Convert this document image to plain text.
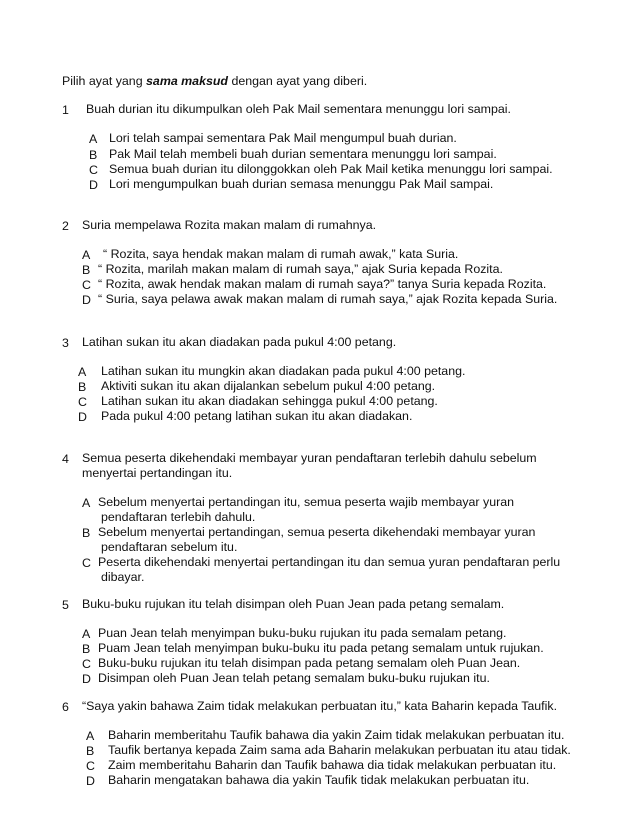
Pilih ayat yang sama maksud dengan ayat yang diberi.
1 Buah durian itu dikumpulkan oleh Pak Mail sementara menunggu lori sampai.
A Lori telah sampai sementara Pak Mail mengumpul buah durian.
B Pak Mail telah membeli buah durian sementara menunggu lori sampai.
C Semua buah durian itu dilonggokkan oleh Pak Mail ketika menunggu lori sampai.
D Lori mengumpulkan buah durian semasa menunggu Pak Mail sampai.
2 Suria mempelawa Rozita makan malam di rumahnya.
A “ Rozita, saya hendak makan malam di rumah awak,” kata Suria.
B “ Rozita, marilah makan malam di rumah saya,” ajak Suria kepada Rozita.
C “ Rozita, awak hendak makan malam di rumah saya?” tanya Suria kepada Rozita.
D “ Suria, saya pelawa awak makan malam di rumah saya,” ajak Rozita kepada Suria.
3 Latihan sukan itu akan diadakan pada pukul 4:00 petang.
A Latihan sukan itu mungkin akan diadakan pada pukul 4:00 petang.
B Aktiviti sukan itu akan dijalankan sebelum pukul 4:00 petang.
C Latihan sukan itu akan diadakan sehingga pukul 4:00 petang.
D Pada pukul 4:00 petang latihan sukan itu akan diadakan.
4 Semua peserta dikehendaki membayar yuran pendaftaran terlebih dahulu sebelum
menyertai pertandingan itu.
A Sebelum menyertai pertandingan itu, semua peserta wajib membayar yuran
pendaftaran terlebih dahulu.
B Sebelum menyertai pertandingan, semua peserta dikehendaki membayar yuran
pendaftaran sebelum itu.
C Peserta dikehendaki menyertai pertandingan itu dan semua yuran pendaftaran perlu
dibayar.
5 Buku-buku rujukan itu telah disimpan oleh Puan Jean pada petang semalam.
A Puan Jean telah menyimpan buku-buku rujukan itu pada semalam petang.
B Puam Jean telah menyimpan buku-buku itu pada petang semalam untuk rujukan.
C Buku-buku rujukan itu telah disimpan pada petang semalam oleh Puan Jean.
D Disimpan oleh Puan Jean telah petang semalam buku-buku rujukan itu.
6 “Saya yakin bahawa Zaim tidak melakukan perbuatan itu,” kata Baharin kepada Taufik.
A Baharin memberitahu Taufik bahawa dia yakin Zaim tidak melakukan perbuatan itu.
B Taufik bertanya kepada Zaim sama ada Baharin melakukan perbuatan itu atau tidak.
C Zaim memberitahu Baharin dan Taufik bahawa dia tidak melakukan perbuatan itu.
D Baharin mengatakan bahawa dia yakin Taufik tidak melakukan perbuatan itu.
